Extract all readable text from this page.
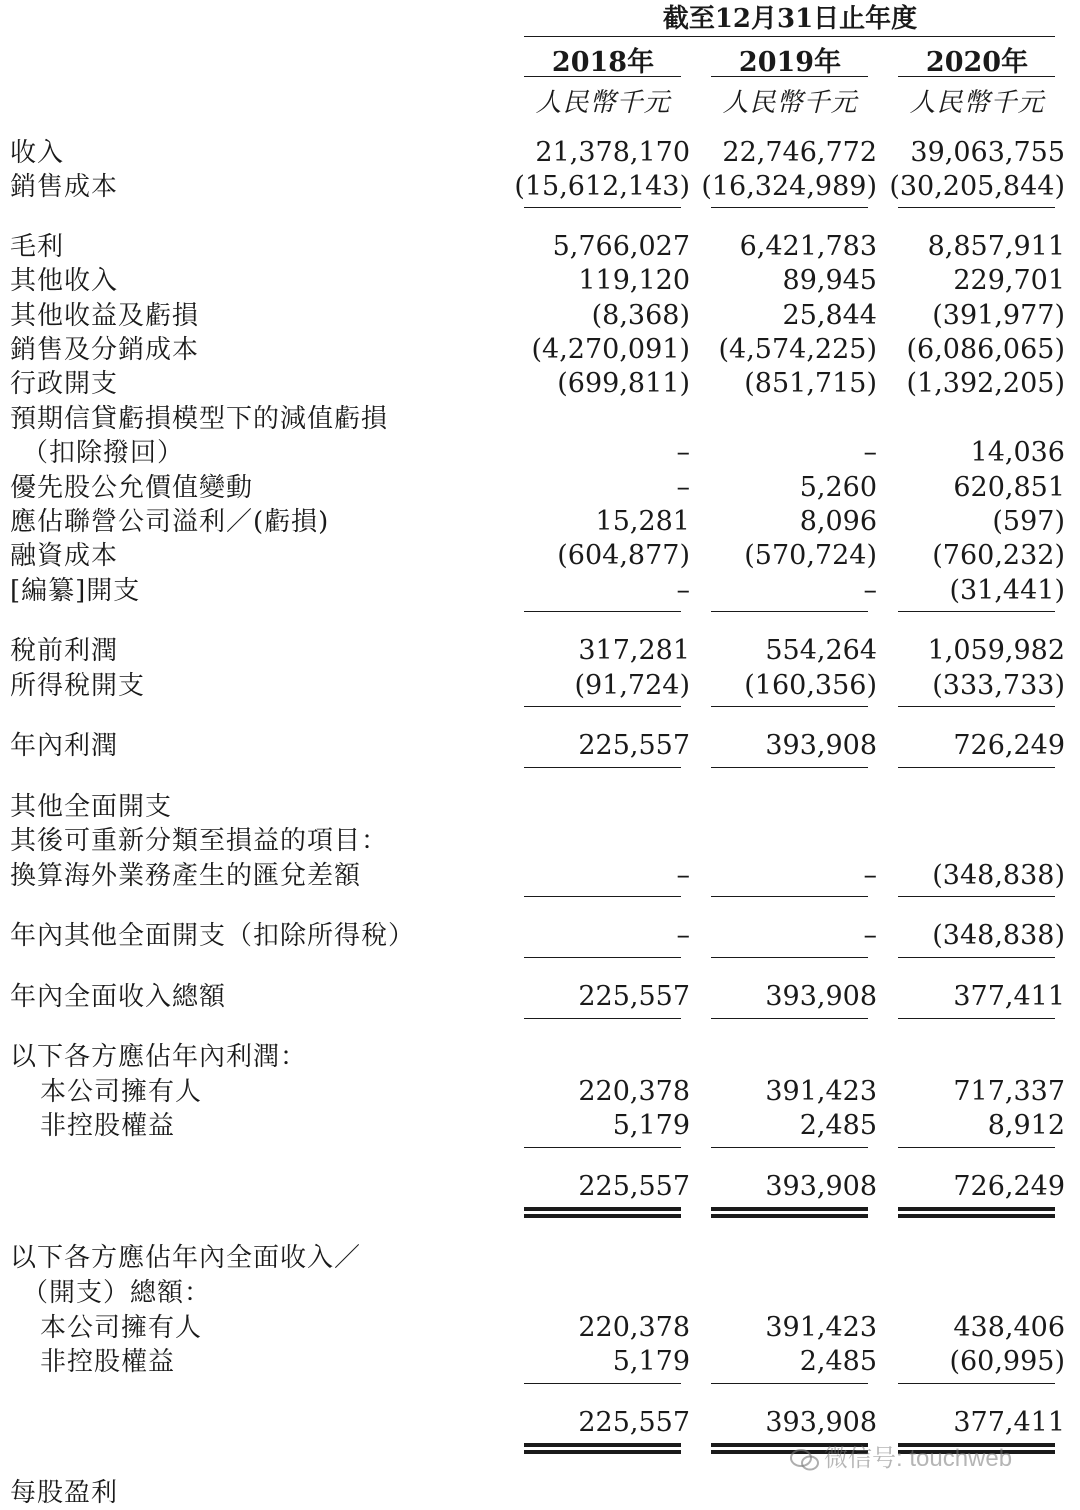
截至12月31日止年度
2018年	2019年	2020年
人民幣千元	人民幣千元	人民幣千元
收入	21,378,170	22,746,772	39,063,755
銷售成本	(15,612,143) (16,324,989) (30,205,844)
毛利	5,766,027	6,421,783	8,857,911
其他收入	119,120	89,945	229,701
其他收益及虧損	(8,368)	25,844	(391,977)
銷售及分銷成本	(4,270,091)	(4,574,225)	(6,086,065)
行政開支	(699,811)	(851,715)	(1,392,205)
預期信貸虧損模型下的減值虧損
（扣除撥回）	–	–	14,036
優先股公允價值變動	–	5,260	620,851
應佔聯營公司溢利／(虧損)	15,281	8,096	(597)
融資成本	(604,877)	(570,724)	(760,232)
[編纂]開支	–	–	(31,441)
稅前利潤	317,281	554,264	1,059,982
所得稅開支	(91,724)	(160,356)	(333,733)
年內利潤	225,557	393,908	726,249
其他全面開支
其後可重新分類至損益的項目：
換算海外業務產生的匯兌差額	–	–	(348,838)
年內其他全面開支（扣除所得稅）	–	–	(348,838)
年內全面收入總額	225,557	393,908	377,411
以下各方應佔年內利潤：
本公司擁有人	220,378	391,423	717,337
非控股權益	5,179	2,485	8,912
225,557	393,908	726,249
以下各方應佔年內全面收入／
（開支）總額：
本公司擁有人	220,378	391,423	438,406
非控股權益	5,179	2,485	(60,995)
225,557	393,908	377,411
每股盈利
微信号: touchweb
